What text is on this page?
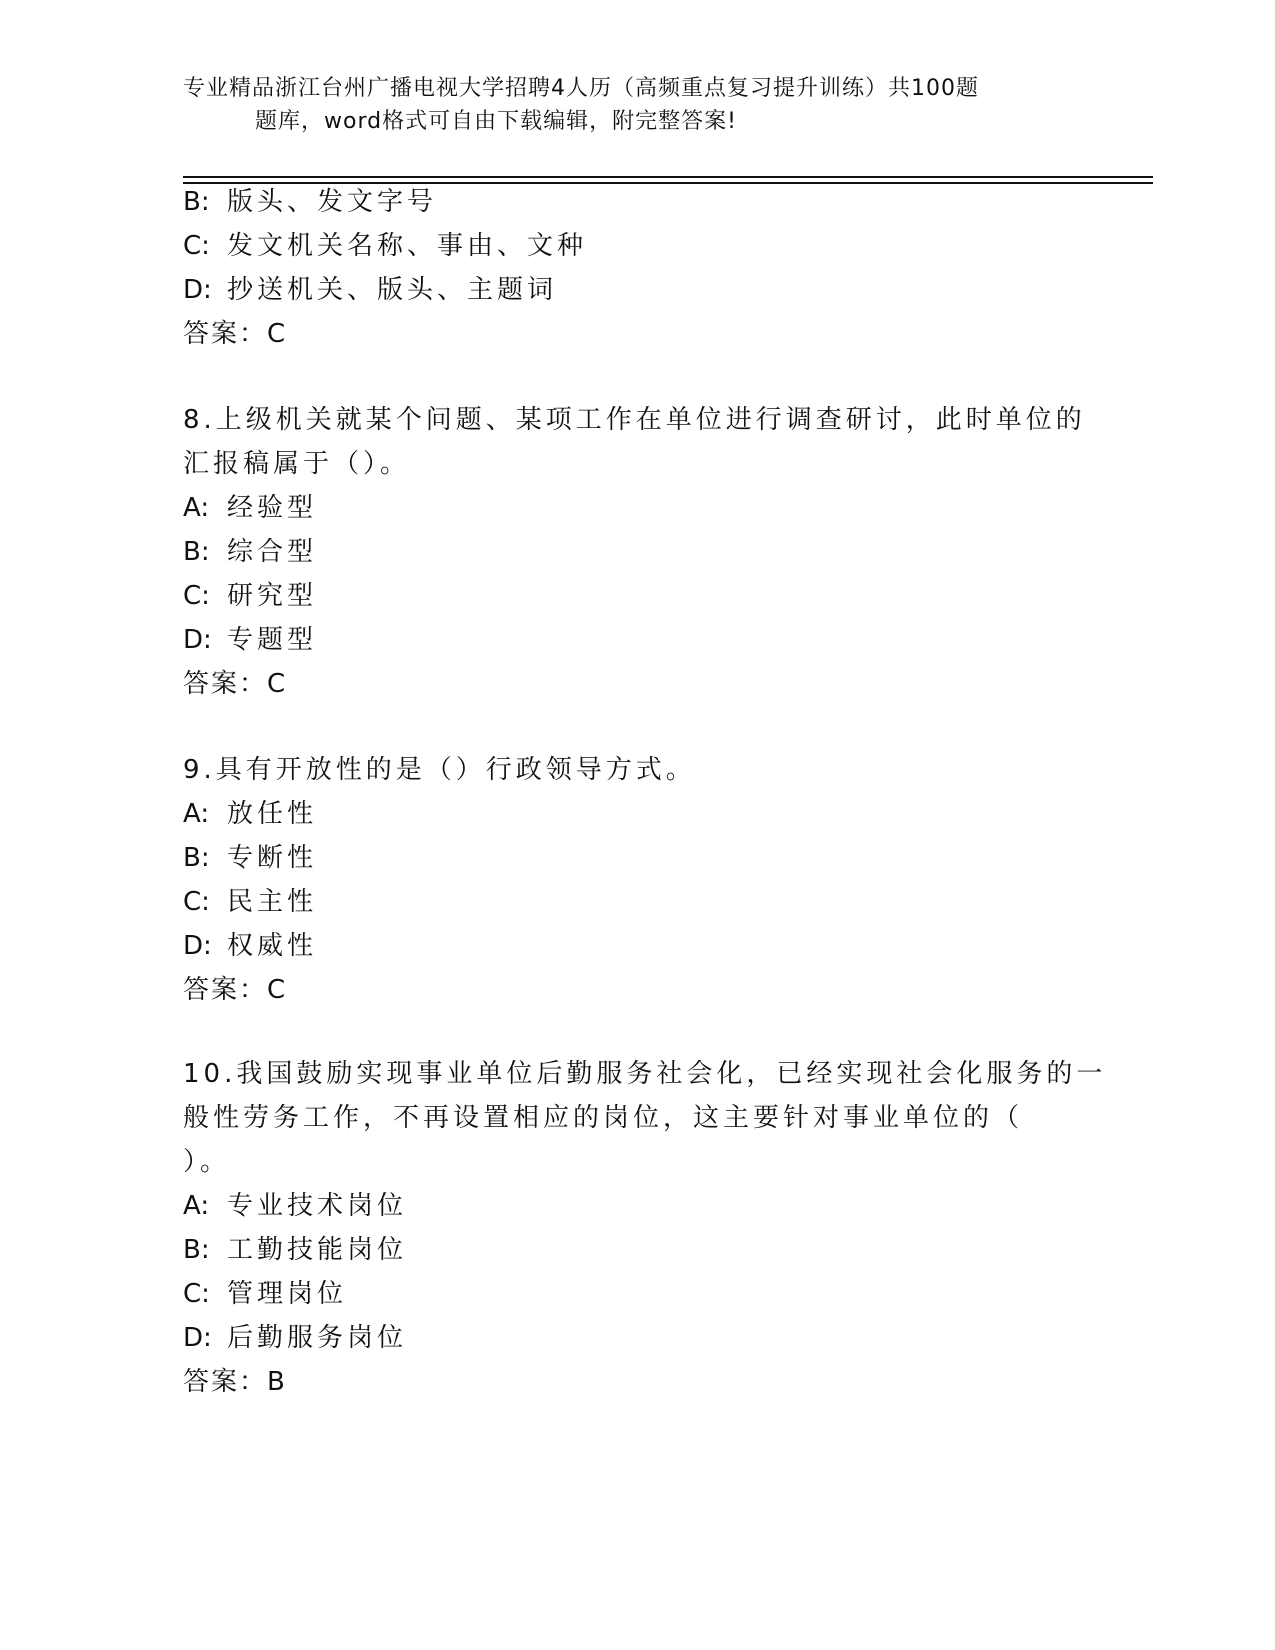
专业精品浙江台州广播电视大学招聘4人历（高频重点复习提升训练）共100题
题库，word格式可自由下载编辑，附完整答案!
B: 版头、发文字号
C: 发文机关名称、事由、文种
D: 抄送机关、版头、主题词
答案：C
8.上级机关就某个问题、某项工作在单位进行调查研讨，此时单位的
汇报稿属于（）。
A: 经验型
B: 综合型
C: 研究型
D: 专题型
答案：C
9.具有开放性的是（）行政领导方式。
A: 放任性
B: 专断性
C: 民主性
D: 权威性
答案：C
10.我国鼓励实现事业单位后勤服务社会化，已经实现社会化服务的一
般性劳务工作，不再设置相应的岗位，这主要针对事业单位的（
）。
A: 专业技术岗位
B: 工勤技能岗位
C: 管理岗位
D: 后勤服务岗位
答案：B
